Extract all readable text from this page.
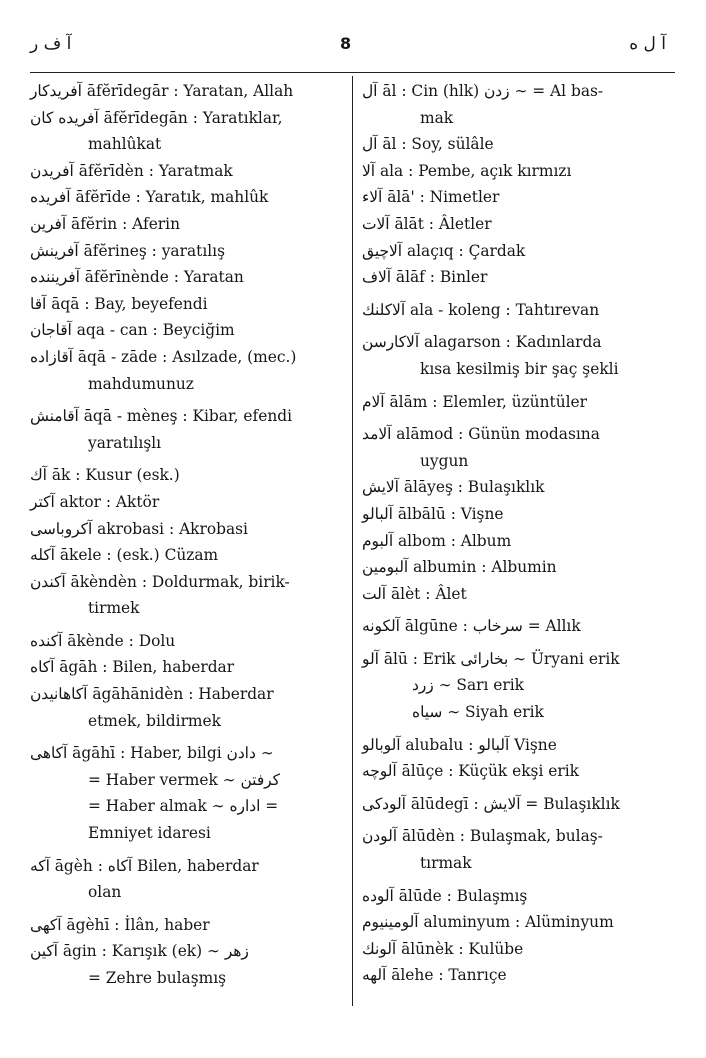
آ ف ر	8	آ ل ه

آفريدكار āfĕrīdegār : Yaratan, Allah

آفريده كان āfĕrīdegān : Yaratıklar,
mahlûkat

آفريدن āfĕrīdèn : Yaratmak

آفريده āfĕrīde : Yaratık, mahlûk

آفرين āfĕrin : Aferin

آفرينش āfĕrineş : yaratılış

آفريننده āfĕrīnènde : Yaratan

آقا āqā : Bay, beyefendi

آقاجان aqa - can : Beyciğim

آقازاده āqā - zāde : Asılzade, (mec.)
mahdumunuz

آقامنش āqā - mèneş : Kibar, efendi
yaratılışlı

آك āk : Kusur (esk.)

آكتر aktor : Aktör

آكروباسى akrobasi : Akrobasi

آكله ākele : (esk.) Cüzam

آكندن ākèndèn : Doldurmak, birik-
tirmek

آكنده ākènde : Dolu

آكاه āgāh : Bilen, haberdar

آكاهانيدن āgāhānidèn : Haberdar
etmek, bildirmek

آكاهى āgāhī : Haber, bilgi دادن ∼
= Haber vermek ∼ كرفتن
= Haber almak ∼ اداره =
Emniyet idaresi

آكه āgèh : آكاه Bilen, haberdar
olan

آكهى āgèhī : İlân, haber

آكين āgin : Karışık (ek) ∼ زهر
= Zehre bulaşmış

آل āl : Cin (hlk) زدن ∼ = Al bas-
mak

آل āl : Soy, sülâle

آلا ala : Pembe, açık kırmızı

آلاء ālā' : Nimetler

آلات ālāt : Âletler

آلاچيق alaçıq : Çardak

آلاف ālāf : Binler

آلاكلنك ala - koleng : Tahtırevan

آلاكارسن alagarson : Kadınlarda
kısa kesilmiş bir şaç şekli

آلام ālām : Elemler, üzüntüler

آلامد alāmod : Günün modasına
uygun

آلايش ālāyeş : Bulaşıklık

آلبالو ālbālū : Vişne

آلبوم albom : Album

آلبومين albumin : Albumin

آلت ālèt : Âlet

آلكونه ālgūne : سرخاب = Allık

آلو ālū : Erik بخارائى ∼ Üryani erik
زرد ∼ Sarı erik
سياه ∼ Siyah erik

آلوبالو alubalu : آلبالو Vişne

آلوچه ālūçe : Küçük ekşi erik

آلودكى ālūdegī : آلايش = Bulaşıklık

آلودن ālūdèn : Bulaşmak, bulaş-
tırmak

آلوده ālūde : Bulaşmış

آلومينيوم aluminyum : Alüminyum

آلونك ālūnèk : Kulübe

آلهه ālehe : Tanrıçe
